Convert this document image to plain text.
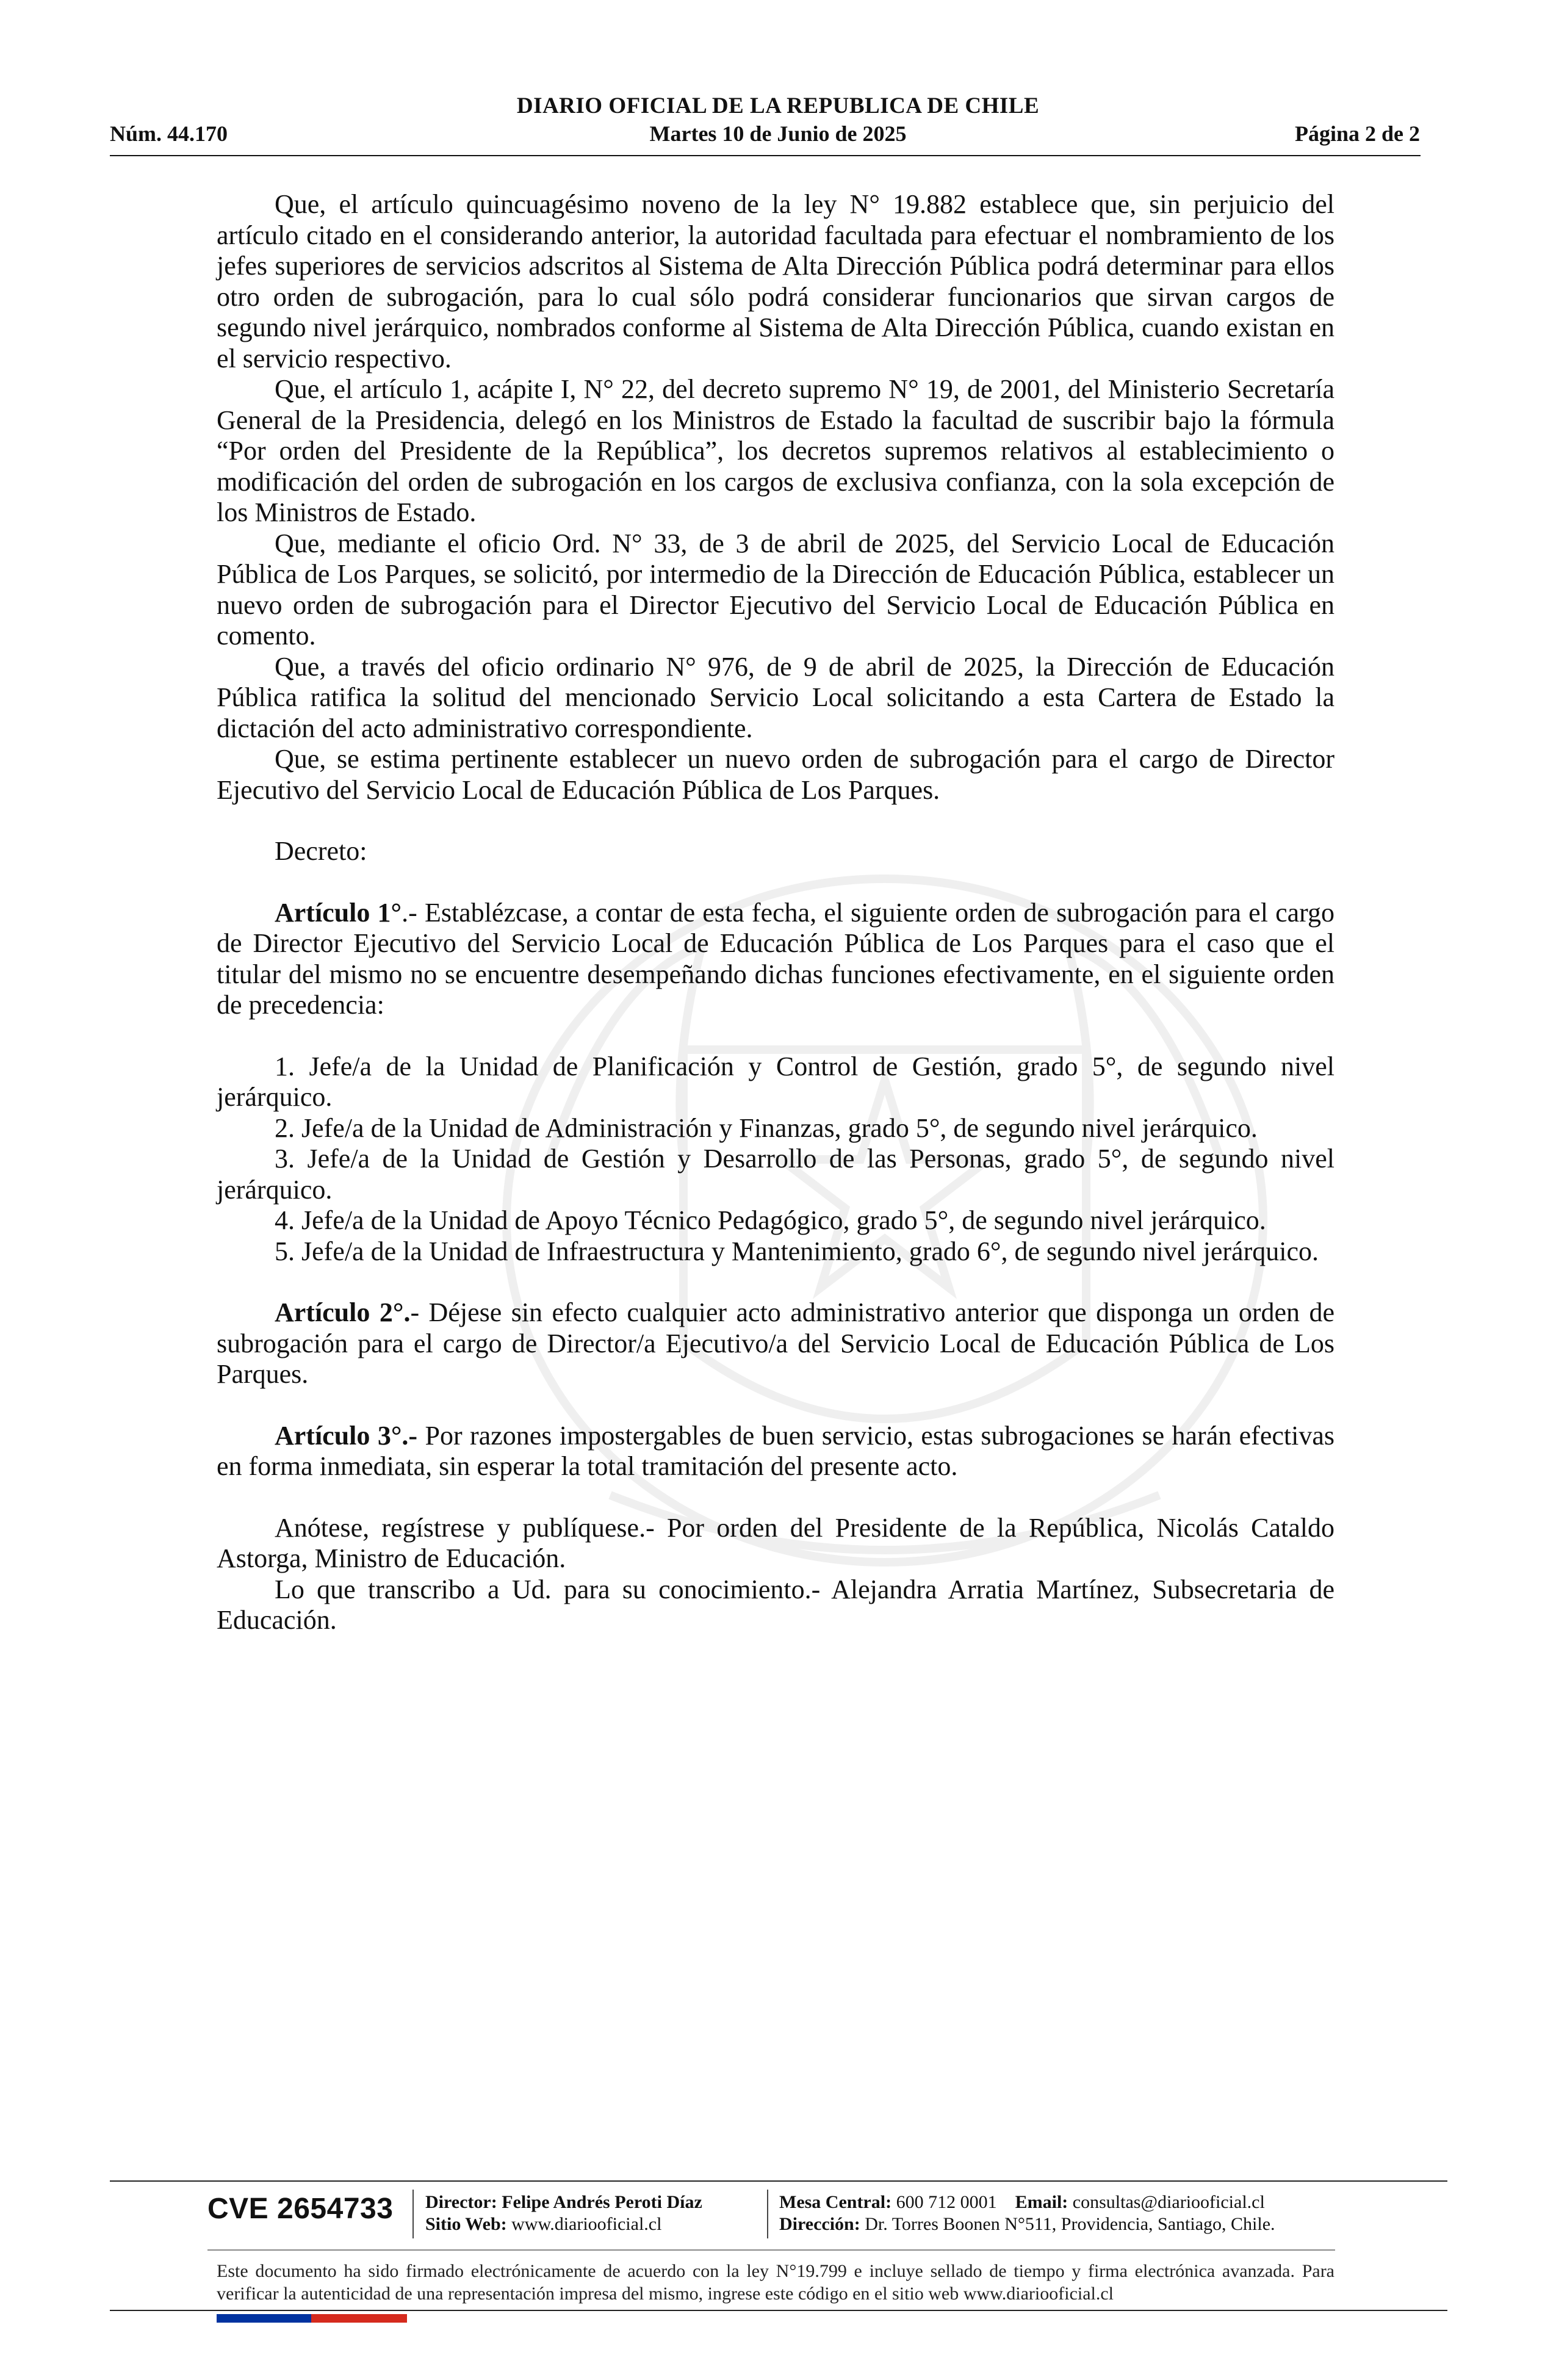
DIARIO OFICIAL DE LA REPUBLICA DE CHILE
Núm. 44.170	Martes 10 de Junio de 2025	Página 2 de 2

Que, el artículo quincuagésimo noveno de la ley N° 19.882 establece que, sin perjuicio del artículo citado en el considerando anterior, la autoridad facultada para efectuar el nombramiento de los jefes superiores de servicios adscritos al Sistema de Alta Dirección Pública podrá determinar para ellos otro orden de subrogación, para lo cual sólo podrá considerar funcionarios que sirvan cargos de segundo nivel jerárquico, nombrados conforme al Sistema de Alta Dirección Pública, cuando existan en el servicio respectivo.

Que, el artículo 1, acápite I, N° 22, del decreto supremo N° 19, de 2001, del Ministerio Secretaría General de la Presidencia, delegó en los Ministros de Estado la facultad de suscribir bajo la fórmula “Por orden del Presidente de la República”, los decretos supremos relativos al establecimiento o modificación del orden de subrogación en los cargos de exclusiva confianza, con la sola excepción de los Ministros de Estado.

Que, mediante el oficio Ord. N° 33, de 3 de abril de 2025, del Servicio Local de Educación Pública de Los Parques, se solicitó, por intermedio de la Dirección de Educación Pública, establecer un nuevo orden de subrogación para el Director Ejecutivo del Servicio Local de Educación Pública en comento.

Que, a través del oficio ordinario N° 976, de 9 de abril de 2025, la Dirección de Educación Pública ratifica la solitud del mencionado Servicio Local solicitando a esta Cartera de Estado la dictación del acto administrativo correspondiente.

Que, se estima pertinente establecer un nuevo orden de subrogación para el cargo de Director Ejecutivo del Servicio Local de Educación Pública de Los Parques.

Decreto:

Artículo 1°.- Establézcase, a contar de esta fecha, el siguiente orden de subrogación para el cargo de Director Ejecutivo del Servicio Local de Educación Pública de Los Parques para el caso que el titular del mismo no se encuentre desempeñando dichas funciones efectivamente, en el siguiente orden de precedencia:

1. Jefe/a de la Unidad de Planificación y Control de Gestión, grado 5°, de segundo nivel jerárquico.

2. Jefe/a de la Unidad de Administración y Finanzas, grado 5°, de segundo nivel jerárquico.

3. Jefe/a de la Unidad de Gestión y Desarrollo de las Personas, grado 5°, de segundo nivel jerárquico.

4. Jefe/a de la Unidad de Apoyo Técnico Pedagógico, grado 5°, de segundo nivel jerárquico.

5. Jefe/a de la Unidad de Infraestructura y Mantenimiento, grado 6°, de segundo nivel jerárquico.

Artículo 2°.- Déjese sin efecto cualquier acto administrativo anterior que disponga un orden de subrogación para el cargo de Director/a Ejecutivo/a del Servicio Local de Educación Pública de Los Parques.

Artículo 3°.- Por razones impostergables de buen servicio, estas subrogaciones se harán efectivas en forma inmediata, sin esperar la total tramitación del presente acto.

Anótese, regístrese y publíquese.- Por orden del Presidente de la República, Nicolás Cataldo Astorga, Ministro de Educación.

Lo que transcribo a Ud. para su conocimiento.- Alejandra Arratia Martínez, Subsecretaria de Educación.

CVE 2654733 Director: Felipe Andrés Peroti Díaz
Sitio Web: www.diariooficial.cl
Mesa Central: 600 712 0001 Email: consultas@diariooficial.cl
Dirección: Dr. Torres Boonen N°511, Providencia, Santiago, Chile.
Este documento ha sido firmado electrónicamente de acuerdo con la ley N°19.799 e incluye sellado de tiempo y firma electrónica avanzada. Para verificar la autenticidad de una representación impresa del mismo, ingrese este código en el sitio web www.diariooficial.cl
